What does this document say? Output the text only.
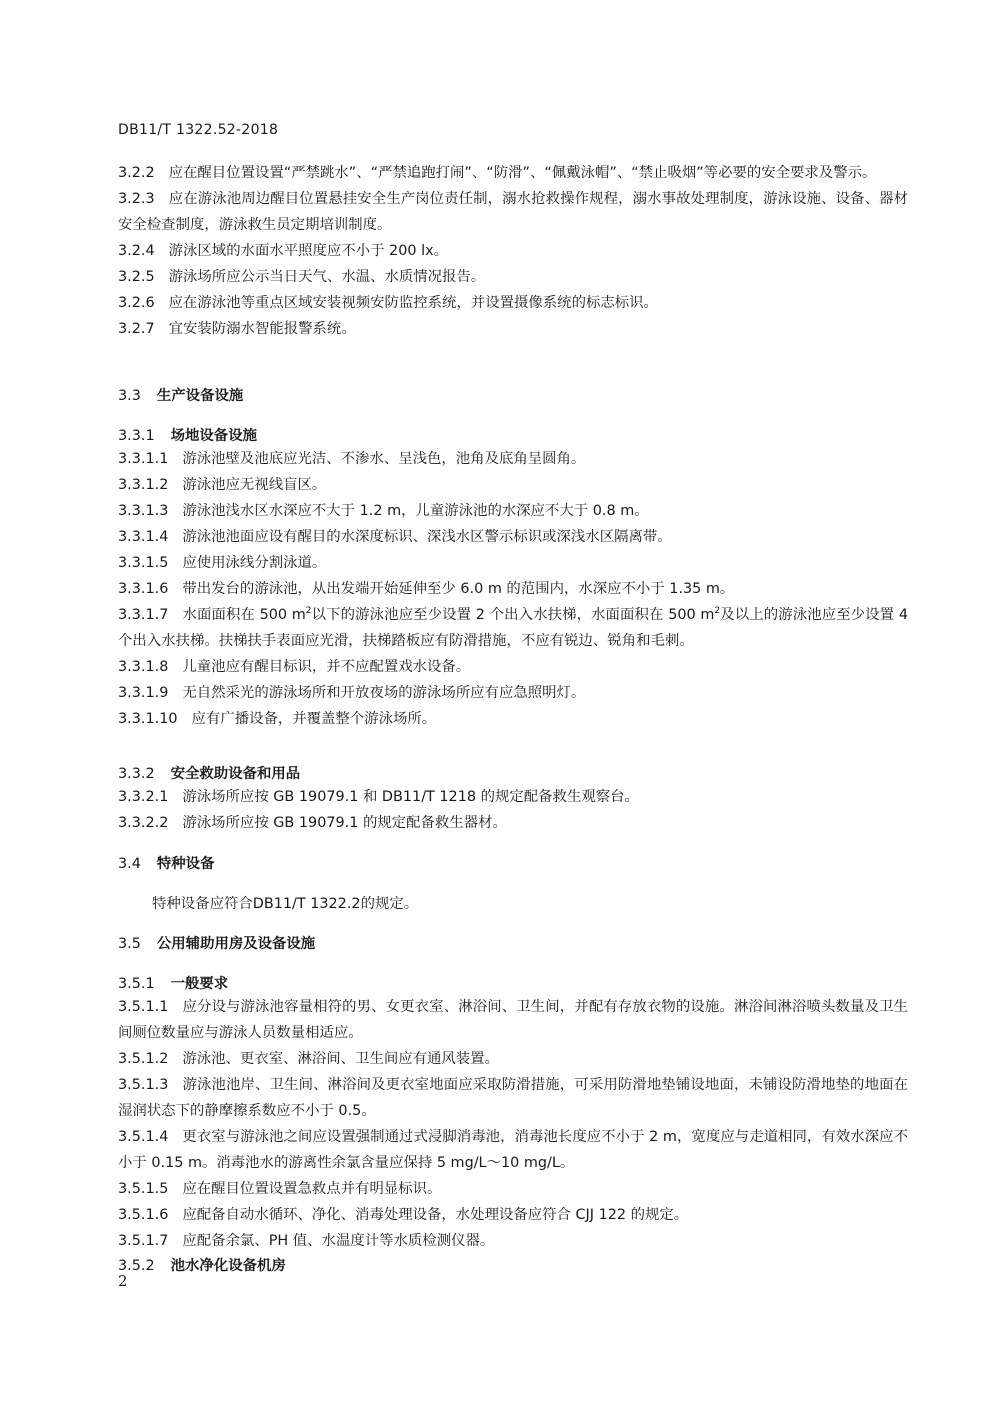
DB11/T 1322.52-2018
3.2.2 应在醒目位置设置“严禁跳水”、“严禁追跑打闹”、“防滑”、“佩戴泳帽”、“禁止吸烟”等必要的安全要求及警示。
3.2.3 应在游泳池周边醒目位置悬挂安全生产岗位责任制，溺水抢救操作规程，溺水事故处理制度，游泳设施、设备、器材安全检查制度，游泳救生员定期培训制度。
3.2.4 游泳区域的水面水平照度应不小于 200 lx。
3.2.5 游泳场所应公示当日天气、水温、水质情况报告。
3.2.6 应在游泳池等重点区域安装视频安防监控系统，并设置摄像系统的标志标识。
3.2.7 宜安装防溺水智能报警系统。
3.3 生产设备设施
3.3.1 场地设备设施
3.3.1.1 游泳池壁及池底应光洁、不渗水、呈浅色，池角及底角呈圆角。
3.3.1.2 游泳池应无视线盲区。
3.3.1.3 游泳池浅水区水深应不大于 1.2 m，儿童游泳池的水深应不大于 0.8 m。
3.3.1.4 游泳池池面应设有醒目的水深度标识、深浅水区警示标识或深浅水区隔离带。
3.3.1.5 应使用泳线分割泳道。
3.3.1.6 带出发台的游泳池，从出发端开始延伸至少 6.0 m 的范围内，水深应不小于 1.35 m。
3.3.1.7 水面面积在 500 $m^2$以下的游泳池应至少设置 2 个出入水扶梯，水面面积在 500 $m^2$及以上的游泳池应至少设置 4 个出入水扶梯。扶梯扶手表面应光滑，扶梯踏板应有防滑措施，不应有锐边、锐角和毛刺。
3.3.1.8 儿童池应有醒目标识，并不应配置戏水设备。
3.3.1.9 无自然采光的游泳场所和开放夜场的游泳场所应有应急照明灯。
3.3.1.10 应有广播设备，并覆盖整个游泳场所。
3.3.2 安全救助设备和用品
3.3.2.1 游泳场所应按 GB 19079.1 和 DB11/T 1218 的规定配备救生观察台。
3.3.2.2 游泳场所应按 GB 19079.1 的规定配备救生器材。
3.4 特种设备
特种设备应符合DB11/T 1322.2的规定。
3.5 公用辅助用房及设备设施
3.5.1 一般要求
3.5.1.1 应分设与游泳池容量相符的男、女更衣室、淋浴间、卫生间，并配有存放衣物的设施。淋浴间淋浴喷头数量及卫生间厕位数量应与游泳人员数量相适应。
3.5.1.2 游泳池、更衣室、淋浴间、卫生间应有通风装置。
3.5.1.3 游泳池池岸、卫生间、淋浴间及更衣室地面应采取防滑措施，可采用防滑地垫铺设地面，未铺设防滑地垫的地面在湿润状态下的静摩擦系数应不小于 0.5。
3.5.1.4 更衣室与游泳池之间应设置强制通过式浸脚消毒池，消毒池长度应不小于 2 m，宽度应与走道相同，有效水深应不小于 0.15 m。消毒池水的游离性余氯含量应保持 5 mg/L～10 mg/L。
3.5.1.5 应在醒目位置设置急救点并有明显标识。
3.5.1.6 应配备自动水循环、净化、消毒处理设备，水处理设备应符合 CJJ 122 的规定。
3.5.1.7 应配备余氯、PH 值、水温度计等水质检测仪器。
3.5.2 池水净化设备机房
2
